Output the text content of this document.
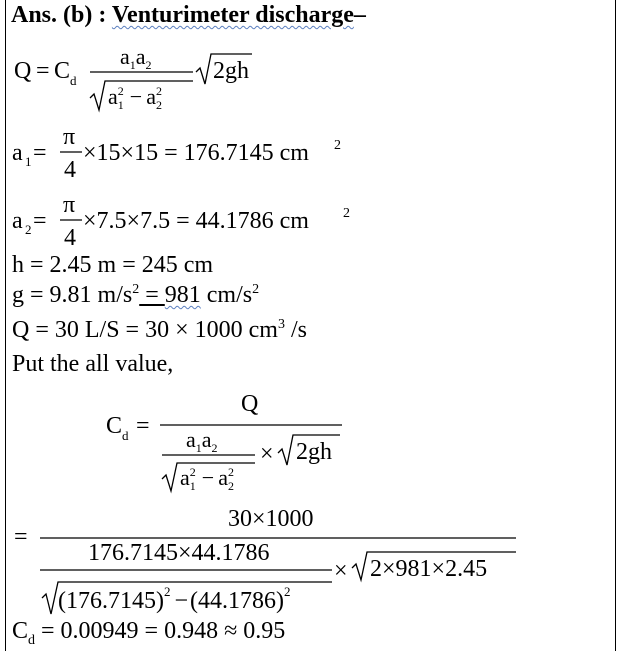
Ans. (b) : Venturimeter discharge–
Q = C d
$a_1a_2$
$a_12 - a_22$
2gh
a 1 =
π
4
×15×15 = 176.7145 cm 2
a 2 =
π
4
×7.5×7.5 = 44.1786 cm 2
h = 2.45 m = 245 cm
g = 9.81 $m/s^2 = 981$ $cm/s^2$
Q = 30 L/S = 30 × 1000 $cm^3$ /s
Put the all value,
C d =
Q
$a_1a_2$
$a_12 - a_22$
× 2gh
=
30×1000
176.7145×44.1786
$(176.7145)^2 -(44.1786)^2$
× 2×981×2.45
$C_d = 0.00949 = 0.948 \approx 0.95$
